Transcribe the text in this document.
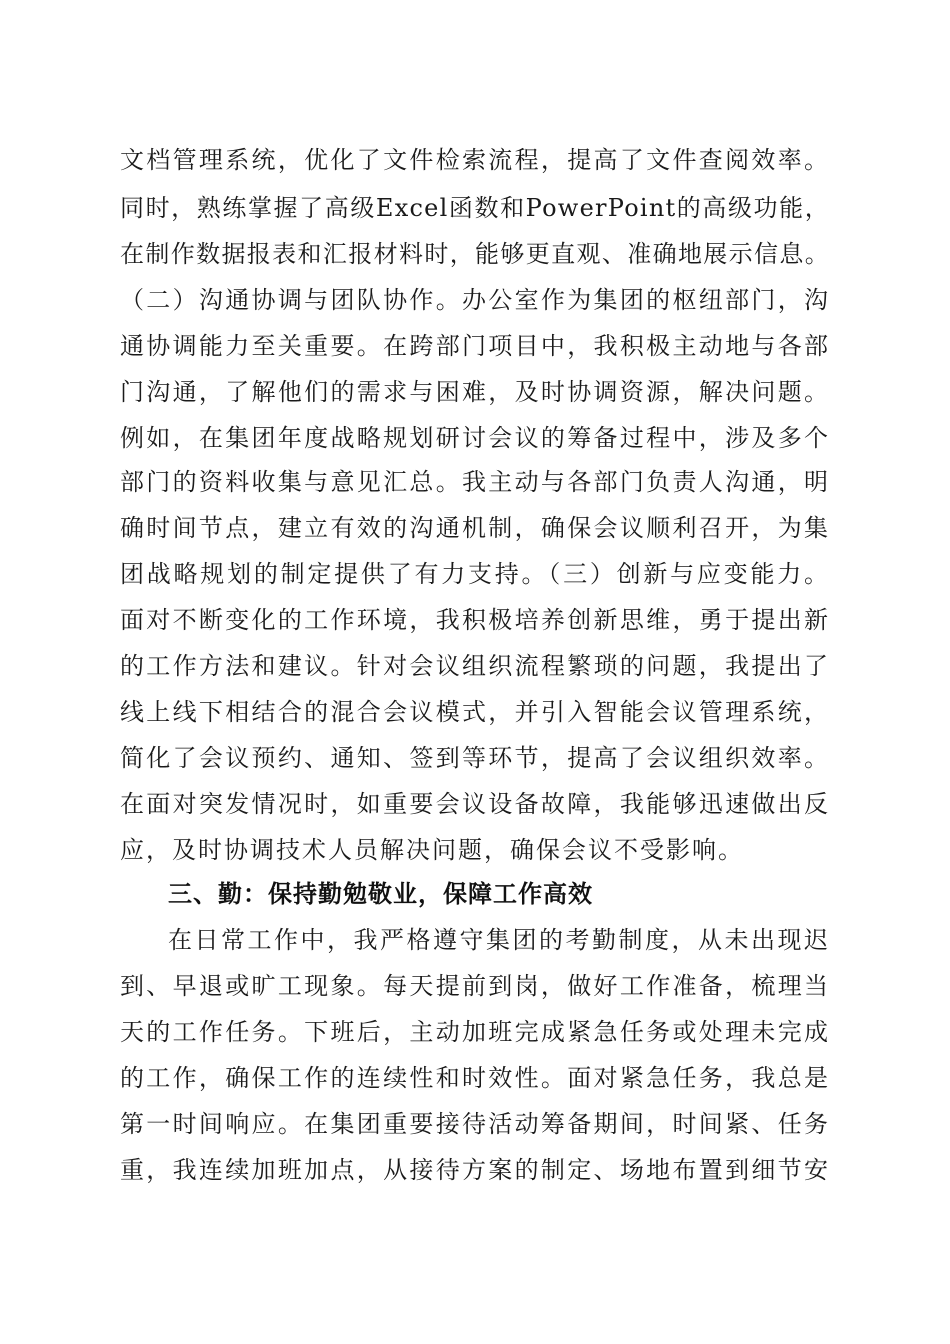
文档管理系统，优化了文件检索流程，提高了文件查阅效率。
同时，熟练掌握了高级Excel函数和PowerPoint的高级功能，
在制作数据报表和汇报材料时，能够更直观、准确地展示信息。
（二）沟通协调与团队协作。办公室作为集团的枢纽部门，沟
通协调能力至关重要。在跨部门项目中，我积极主动地与各部
门沟通，了解他们的需求与困难，及时协调资源，解决问题。
例如，在集团年度战略规划研讨会议的筹备过程中，涉及多个
部门的资料收集与意见汇总。我主动与各部门负责人沟通，明
确时间节点，建立有效的沟通机制，确保会议顺利召开，为集
团战略规划的制定提供了有力支持。（三）创新与应变能力。
面对不断变化的工作环境，我积极培养创新思维，勇于提出新
的工作方法和建议。针对会议组织流程繁琐的问题，我提出了
线上线下相结合的混合会议模式，并引入智能会议管理系统，
简化了会议预约、通知、签到等环节，提高了会议组织效率。
在面对突发情况时，如重要会议设备故障，我能够迅速做出反
应，及时协调技术人员解决问题，确保会议不受影响。
三、勤：保持勤勉敬业，保障工作高效
在日常工作中，我严格遵守集团的考勤制度，从未出现迟
到、早退或旷工现象。每天提前到岗，做好工作准备，梳理当
天的工作任务。下班后，主动加班完成紧急任务或处理未完成
的工作，确保工作的连续性和时效性。面对紧急任务，我总是
第一时间响应。在集团重要接待活动筹备期间，时间紧、任务
重，我连续加班加点，从接待方案的制定、场地布置到细节安
